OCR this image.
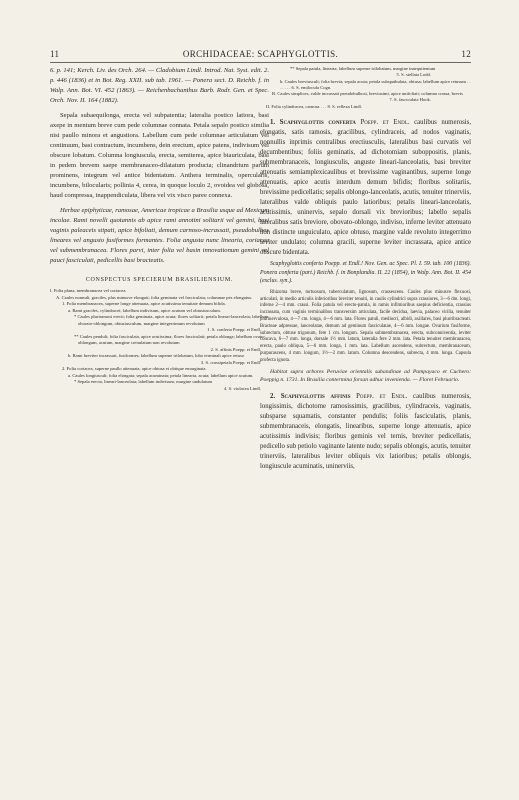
11	ORCHIDACEAE: SCAPHYGLOTTIS.	12

6. p. 141; Kerch. Liv. des Orch. 264. — Cladobium Lindl. Introd. Nat. Syst. edit. 2. p. 446 (1836) et in Bot. Reg. XXII. sub tab. 1961. — Ponera sect. D. Reichb. f. in Walp. Ann. Bot. VI. 452 (1863). — Reichenbachanthus Barb. Rodr. Gen. et Spec. Orch. Nov. II. 164 (1882).

Sepala subaequilonga, erecta vel subpatentia; lateralia postico latiora, basi axepe in mentum breve cum pede columnae connata. Petala sepalo postico similia nisi paullo minora et angustiora. Labellum cum pede columnae articulatum vel continuum, basi contractum, incumbens, dein erectum, apice patens, indivisum vel obscure lobatum. Columna longiuscula, erecta, semiterea, apice biauriculata, basi in pedem brevem saepe membranaceo-dilatatum producta; clinandrium parum prominens, integrum vel antice bidentatum. Anthera terminalis, opercularis, incumbens, bilocularis; pollinia 4, cerea, in quoque loculo 2, ovoidea vel globosa, haud compressa, inappendiculata, libera vel vix visco paree connexa.

Herbae epiphyticae, ramosae, Americae tropicae a Brasilia usque ad Mexicum incolae. Rami novelli quotannis ab apice rami annotini solitarii vel gemini, basi vaginis paleaceis stipati, apice bifoliati, demum carnoso-incrassati, pseudobulbos lineares vel angusto fusiformes formantes. Folia angusta nunc linearia, coriacea vel submembranacea. Flores parvi, inter folia vel basin innovationum gemini vel pauci fasciculati, pedicellis basi bracteatis.

CONSPECTUS SPECIERUM BRASILIENSIUM.

I. Folia plana, membranacea vel coriacea.
A. Caules nonnuli, graciles, plus minusve elongati; folia geminata vel fasciculata; columnae pes elongatus.
1. Folia membranacea, superne longe attenuata, apice acutissima tenuitate demum bifida.
a. Rami graciles, cylindracei; labellum indivisum, apice acutum vel obtusiusculum.
* Caules pluriramosi erecti; folia geminata, apice acuta; flores solitarii; petala lineari-lanceolata; labellum oborato-oblongum, obtusiusculum, margine integerrimum revolutum
1. S. conferta Poepp. et Endl.
** Caules penduli; folia fasciculata, apice acutissima; flores fasciculati; petala oblonga; labellum ovato-oblongum, acutum, margine crenulatum non revolutum
2. S. affinis Poepp. et Endl.
b. Rami breviter incrassati, fusiformes; labellum superne trilobatum, lobo terminali apice retuso
3. S. crassipetala Poepp. et Endl.
2. Folia coriacea, superne paullo attenuata, apice obtusa et obtique emarginata.
a. Caules longiusculi; folia elongata; sepala acuminata; petala linearia, acuta; labellum apice acutum.
* Sepala erecta, lineari-lanceolata; labellum indivisum, margine undulatum
4. S. violacea Lindl.
** Sepala patula, linearia; labellum superne trilobatum, margine inaequitenium
5. S. stellata Lodd.
b. Caules breviusculi; folia brevia; sepala acuta; petala subspathulata, obtusa; labellum apice retusum . . . . . . . 6. S. emilocula Cogn.
B. Caules simplices, valde incrassati pseudobulbosi, breviusimi, apice unifoliati; columna crassa, brevis
7. S. fasciculata Hook.
II. Folia cylindracea, carnosa . . . 8. S. reflexa Lindl.

1. Scaphyglottis conferta Poepp. et Endl. caulibus numerosis, elongatis, satis ramosis, gracilibus, cylindraceis, ad nodos vaginatis, nonnullis inprimis centralibus erectiusculis, lateralibus basi curvatis vel decumbentibus; foliis geminatis, ad dichotomiam suboppositis, planis, submembranaceis, longiusculis, anguste lineari-lanceolatis, basi breviter attenuatis semiamplexicaulibus et brevissime vaginantibus, superne longe attenuatis, apice acutis interdum demum bifidis; floribus solitariis, brevissime pedicellatis; sepalis oblongo-lanceolatis, acutis, tenuiter trinerviis, lateralibus valde obliquis paulo latioribus; petalis lineari-lanceolatis, acutissimis, uninervis, sepalo dorsali vix brevioribus; labello sepalis lateralibus satis breviore, obovato-oblongo, indiviso, inferne leviter attenuato non distincte unguiculato, apice obtuso, margine valde revoluto integerrimo leviter undulato; columna gracili, superne leviter incrassata, apice antice obscure bidentata.

Scaphyglottis conferta Poepp. et Endl.! Nov. Gen. ac Spec. Pl. I. 59. tab. 100 (1836). Ponera conferta (part.) Reichb. f. in Bonplandia. II. 22 (1854), in Walp. Ann. Bot. II. 454 (exclus. syn.).

Rhizoma breve, tortuosum, tuberculatum, lignosum, crassescens. Caules plus minusve flexuosi, articulati, in medio articulis inferioribus breviter tenuiti, in caulis cylindrici supra crassiores, 3—6 dm. longi, inferne 2—4 mm. crassi. Folia patula vel erecto-patula, in ramis infimioribus saepius deficientia, crassius incrassata, cum vaginis terminalibus transversim articulata, facile decidua, laevia, palaceo virilia, tenuiter plurinervulosa, 4—7 cm. longa, 4—6 mm. lata. Flores patuli, mediocri, albidi, axillares, basi plurribracteati. Bracteae adpressae, lanceolatae, demum ad geminum fasciculatae, 4—6 mm. longae. Ovarium fusiforme, subrectum, obtuse trigonum, fere 1 cm. longum. Sepala submembranacea, erecta, subconniventia, leviter concava, 6—7 mm. longa, dorsale 1½ mm. latum, lateralia fere 2 mm. lata. Petala tenuiter membranacea, erecta, paulo obliqua, 5—6 mm. longa, 1 mm. lata. Labellum ascendens, subrectum, membranaceum, purpurascens, 4 mm. longum, 1½—2 mm. latum. Columna descendens, subrecta, 4 mm. longa. Capsula profecta ignota.

Habitat supra arbores Peruviae orientalis subandinae ad Pampayaco et Cuchero: Poeppig n. 1731. In Brasilia contermina forsan adhuc invenienda. — Floret Februario.

2. Scaphyglottis affinis Poepp. et Endl. caulibus numerosis, longissimis, dichotome ramosissimis, gracilibus, cylindraceis, vaginatis, subsparse squamatis, constanter pendulis; foliis fasciculatis, planis, submembranaceis, elongatis, linearibus, superne longe attenuatis, apice acutissimis indivisis; floribus geminis vel ternis, breviter pedicellatis, pedicello sub petiolo vaginante latente nudo; sepalis oblongis, acutis, tenuiter trinerviis, lateralibus leviter obliquis vix latioribus; petalis oblongis, longiuscule acuminatis, uninerviis,
